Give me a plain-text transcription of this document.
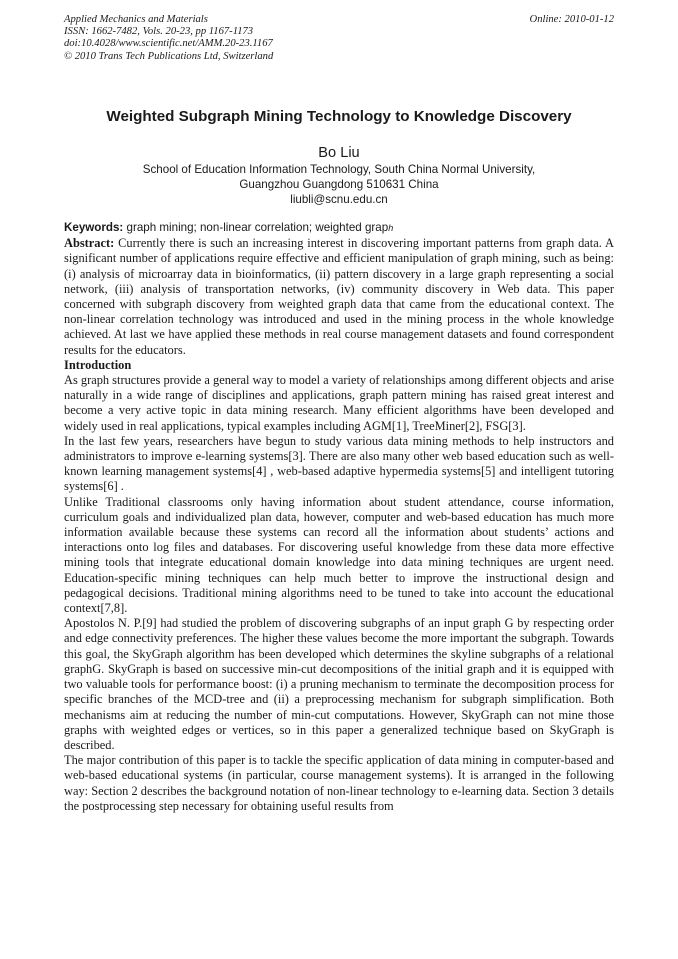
Applied Mechanics and Materials
ISSN: 1662-7482, Vols. 20-23, pp 1167-1173
doi:10.4028/www.scientific.net/AMM.20-23.1167
© 2010 Trans Tech Publications Ltd, Switzerland
Online: 2010-01-12
Weighted Subgraph Mining Technology to Knowledge Discovery
Bo Liu
School of Education Information Technology, South China Normal University,
Guangzhou Guangdong 510631 China
liubli@scnu.edu.cn
Keywords: graph mining; non-linear correlation; weighted graph

Abstract: Currently there is such an increasing interest in discovering important patterns from graph data. A significant number of applications require effective and efficient manipulation of graph mining, such as being: (i) analysis of microarray data in bioinformatics, (ii) pattern discovery in a large graph representing a social network, (iii) analysis of transportation networks, (iv) community discovery in Web data. This paper concerned with subgraph discovery from weighted graph data that came from the educational context. The non-linear correlation technology was introduced and used in the mining process in the whole knowledge achieved. At last we have applied these methods in real course management datasets and found correspondent results for the educators.

Introduction

As graph structures provide a general way to model a variety of relationships among different objects and arise naturally in a wide range of disciplines and applications, graph pattern mining has raised great interest and become a very active topic in data mining research. Many efficient algorithms have been developed and widely used in real applications, typical examples including AGM[1], TreeMiner[2], FSG[3].

In the last few years, researchers have begun to study various data mining methods to help instructors and administrators to improve e-learning systems[3]. There are also many other web based education such as well-known learning management systems[4] , web-based adaptive hypermedia systems[5] and intelligent tutoring systems[6] .

Unlike Traditional classrooms only having information about student attendance, course information, curriculum goals and individualized plan data, however, computer and web-based education has much more information available because these systems can record all the information about students’ actions and interactions onto log files and databases. For discovering useful knowledge from these data more effective mining tools that integrate educational domain knowledge into data mining techniques are urgent need. Education-specific mining techniques can help much better to improve the instructional design and pedagogical decisions. Traditional mining algorithms need to be tuned to take into account the educational context[7,8].

Apostolos N. P.[9] had studied the problem of discovering subgraphs of an input graph G by respecting order and edge connectivity preferences. The higher these values become the more important the subgraph. Towards this goal, the SkyGraph algorithm has been developed which determines the skyline subgraphs of a relational graphG. SkyGraph is based on successive min-cut decompositions of the initial graph and it is equipped with two valuable tools for performance boost: (i) a pruning mechanism to terminate the decomposition process for specific branches of the MCD-tree and (ii) a preprocessing mechanism for subgraph simplification. Both mechanisms aim at reducing the number of min-cut computations. However, SkyGraph can not mine those graphs with weighted edges or vertices, so in this paper a generalized technique based on SkyGraph is described.

The major contribution of this paper is to tackle the specific application of data mining in computer-based and web-based educational systems (in particular, course management systems). It is arranged in the following way: Section 2 describes the background notation of non-linear technology to e-learning data. Section 3 details the postprocessing step necessary for obtaining useful results from
